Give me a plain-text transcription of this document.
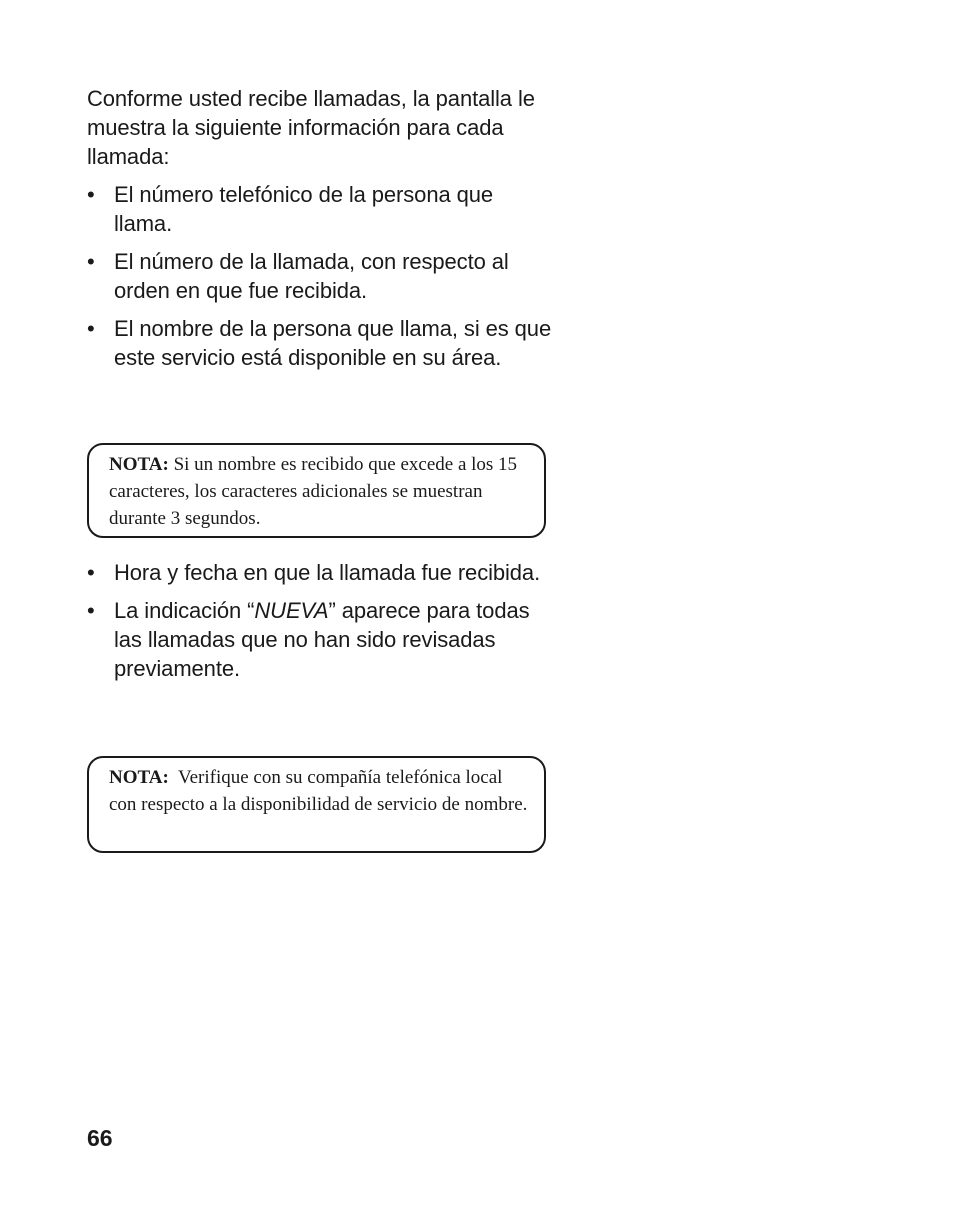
Conforme usted recibe llamadas, la pantalla le muestra la siguiente información para cada llamada:

• El número telefónico de la persona que llama.
• El número de la llamada, con respecto al orden en que fue recibida.
• El nombre de la persona que llama, si es que este servicio está disponible en su área.
NOTA: Si un nombre es recibido que excede a los 15 caracteres, los caracteres adicionales se muestran durante 3 segundos.
• Hora y fecha en que la llamada fue recibida.
• La indicación “NUEVA” aparece para todas las llamadas que no han sido revisadas previamente.
NOTA: Verifique con su compañía telefónica local con respecto a la disponibilidad de servicio de nombre.

66
